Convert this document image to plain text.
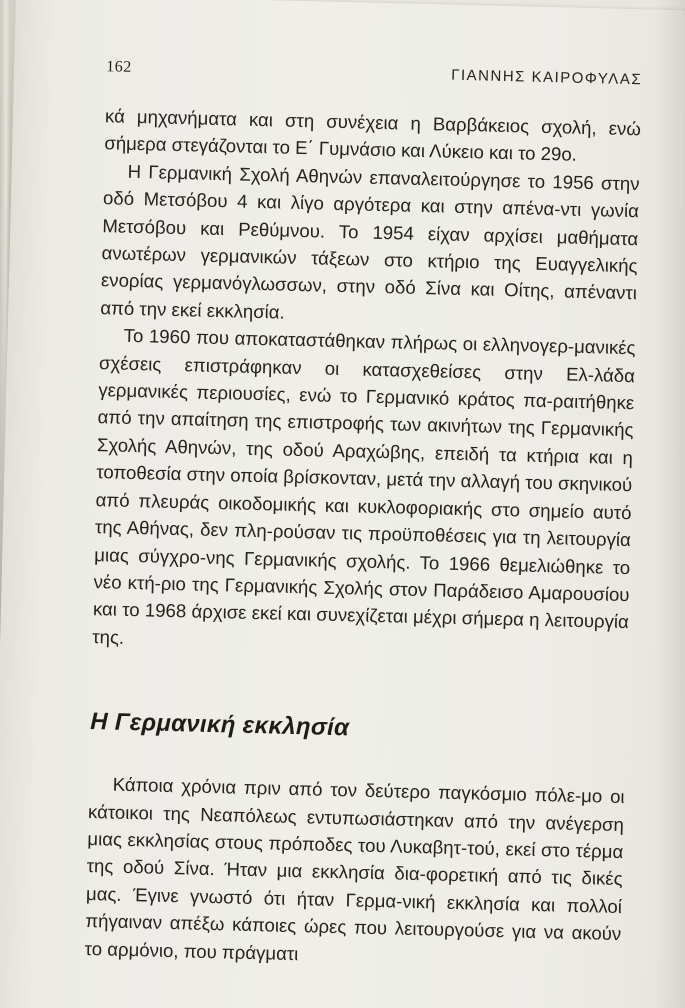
162	ΓΙΑΝΝΗΣ ΚΑΙΡΟΦΥΛΑΣ

κά μηχανήματα και στη συνέχεια η Βαρβάκειος σχολή, ενώ σήμερα στεγάζονται το Ε΄ Γυμνάσιο και Λύκειο και το 29ο.

Η Γερμανική Σχολή Αθηνών επαναλειτούργησε το 1956 στην οδό Μετσόβου 4 και λίγο αργότερα και στην απένα-ντι γωνία Μετσόβου και Ρεθύμνου. Το 1954 είχαν αρχίσει μαθήματα ανωτέρων γερμανικών τάξεων στο κτήριο της Ευαγγελικής ενορίας γερμανόγλωσσων, στην οδό Σίνα και Οίτης, απέναντι από την εκεί εκκλησία.

Το 1960 που αποκαταστάθηκαν πλήρως οι ελληνογερ-μανικές σχέσεις επιστράφηκαν οι κατασχεθείσες στην Ελ-λάδα γερμανικές περιουσίες, ενώ το Γερμανικό κράτος πα-ραιτήθηκε από την απαίτηση της επιστροφής των ακινήτων της Γερμανικής Σχολής Αθηνών, της οδού Αραχώβης, επειδή τα κτήρια και η τοποθεσία στην οποία βρίσκονταν, μετά την αλλαγή του σκηνικού από πλευράς οικοδομικής και κυκλοφοριακής στο σημείο αυτό της Αθήνας, δεν πλη-ρούσαν τις προϋποθέσεις για τη λειτουργία μιας σύγχρο-νης Γερμανικής σχολής. Το 1966 θεμελιώθηκε το νέο κτή-ριο της Γερμανικής Σχολής στον Παράδεισο Αμαρουσίου και το 1968 άρχισε εκεί και συνεχίζεται μέχρι σήμερα η λειτουργία της.

Η Γερμανική εκκλησία

Κάποια χρόνια πριν από τον δεύτερο παγκόσμιο πόλε-μο οι κάτοικοι της Νεαπόλεως εντυπωσιάστηκαν από την ανέγερση μιας εκκλησίας στους πρόποδες του Λυκαβητ-τού, εκεί στο τέρμα της οδού Σίνα. Ήταν μια εκκλησία δια-φορετική από τις δικές μας. Έγινε γνωστό ότι ήταν Γερμα-νική εκκλησία και πολλοί πήγαιναν απέξω κάποιες ώρες που λειτουργούσε για να ακούν το αρμόνιο, που πράγματι
